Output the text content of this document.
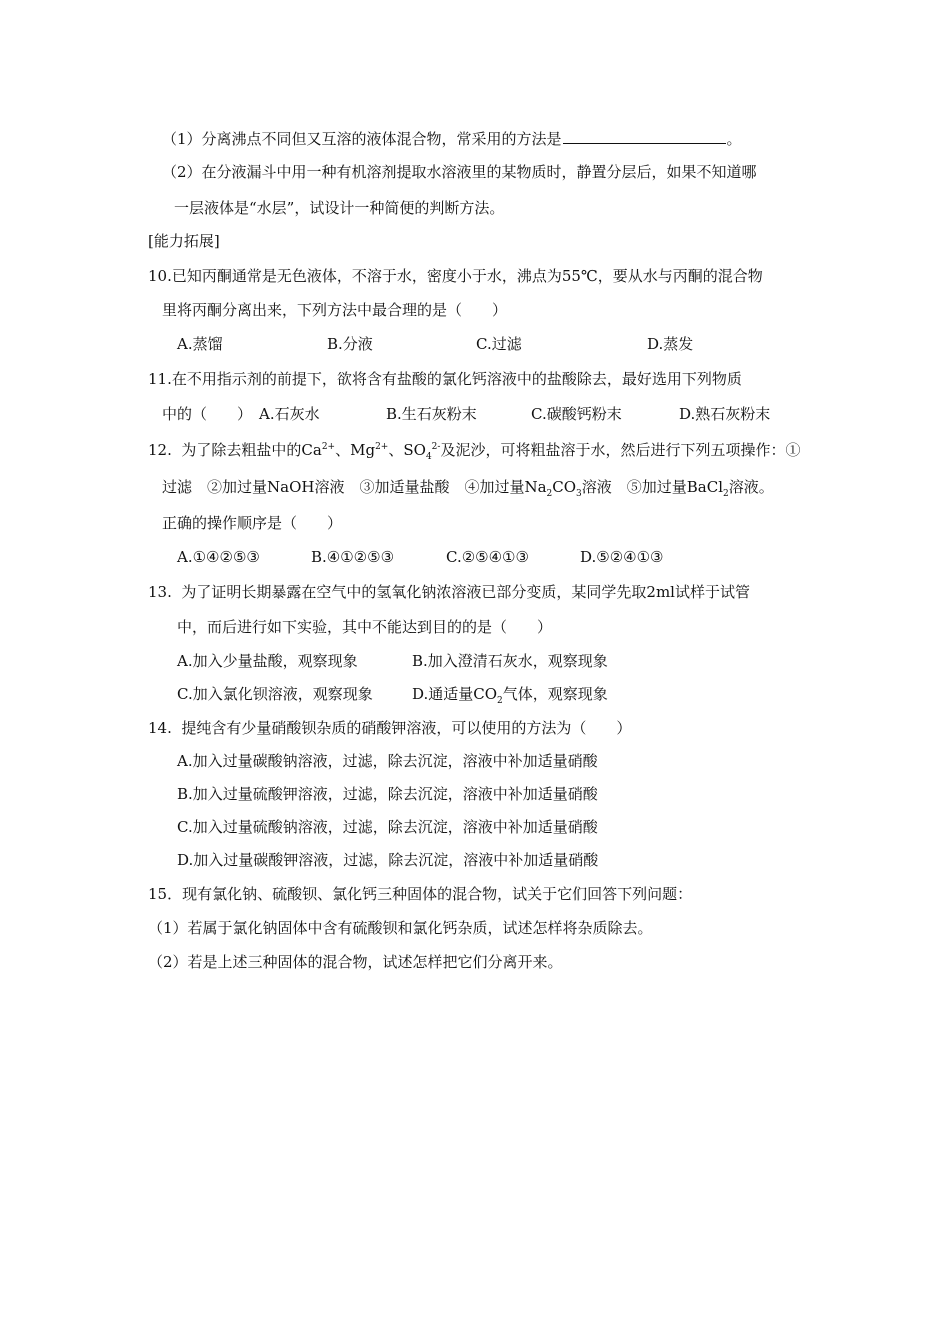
（1）分离沸点不同但又互溶的液体混合物，常采用的方法是	。
（2）在分液漏斗中用一种有机溶剂提取水溶液里的某物质时，静置分层后，如果不知道哪
一层液体是“水层”，试设计一种简便的判断方法。
[能力拓展]
10.已知丙酮通常是无色液体，不溶于水，密度小于水，沸点为55℃，要从水与丙酮的混合物
里将丙酮分离出来，下列方法中最合理的是（　　）
A.蒸馏	B.分液	C.过滤	D.蒸发
11.在不用指示剂的前提下，欲将含有盐酸的氯化钙溶液中的盐酸除去，最好选用下列物质
中的（　　） A.石灰水	B.生石灰粉末	C.碳酸钙粉末	D.熟石灰粉末
12. 为了除去粗盐中的$Ca^{2+}$、$Mg^{2+}$、$SO_4^{2-}$及泥沙，可将粗盐溶于水，然后进行下列五项操作：①
过滤　②加过量NaOH溶液　③加适量盐酸　④加过量$Na_2CO_3$溶液　⑤加过量BaCl$_2$溶液。
正确的操作顺序是（　　）
A.①④②⑤③	B.④①②⑤③	C.②⑤④①③	D.⑤②④①③
13. 为了证明长期暴露在空气中的氢氧化钠浓溶液已部分变质，某同学先取2ml试样于试管
中，而后进行如下实验，其中不能达到目的的是（　　）
A.加入少量盐酸，观察现象	B.加入澄清石灰水，观察现象
C.加入氯化钡溶液，观察现象	D.通适量$CO_2$气体，观察现象
14. 提纯含有少量硝酸钡杂质的硝酸钾溶液，可以使用的方法为（　　）
A.加入过量碳酸钠溶液，过滤，除去沉淀，溶液中补加适量硝酸
B.加入过量硫酸钾溶液，过滤，除去沉淀，溶液中补加适量硝酸
C.加入过量硫酸钠溶液，过滤，除去沉淀，溶液中补加适量硝酸
D.加入过量碳酸钾溶液，过滤，除去沉淀，溶液中补加适量硝酸
15．现有氯化钠、硫酸钡、氯化钙三种固体的混合物，试关于它们回答下列问题：
（1）若属于氯化钠固体中含有硫酸钡和氯化钙杂质，试述怎样将杂质除去。
（2）若是上述三种固体的混合物，试述怎样把它们分离开来。
